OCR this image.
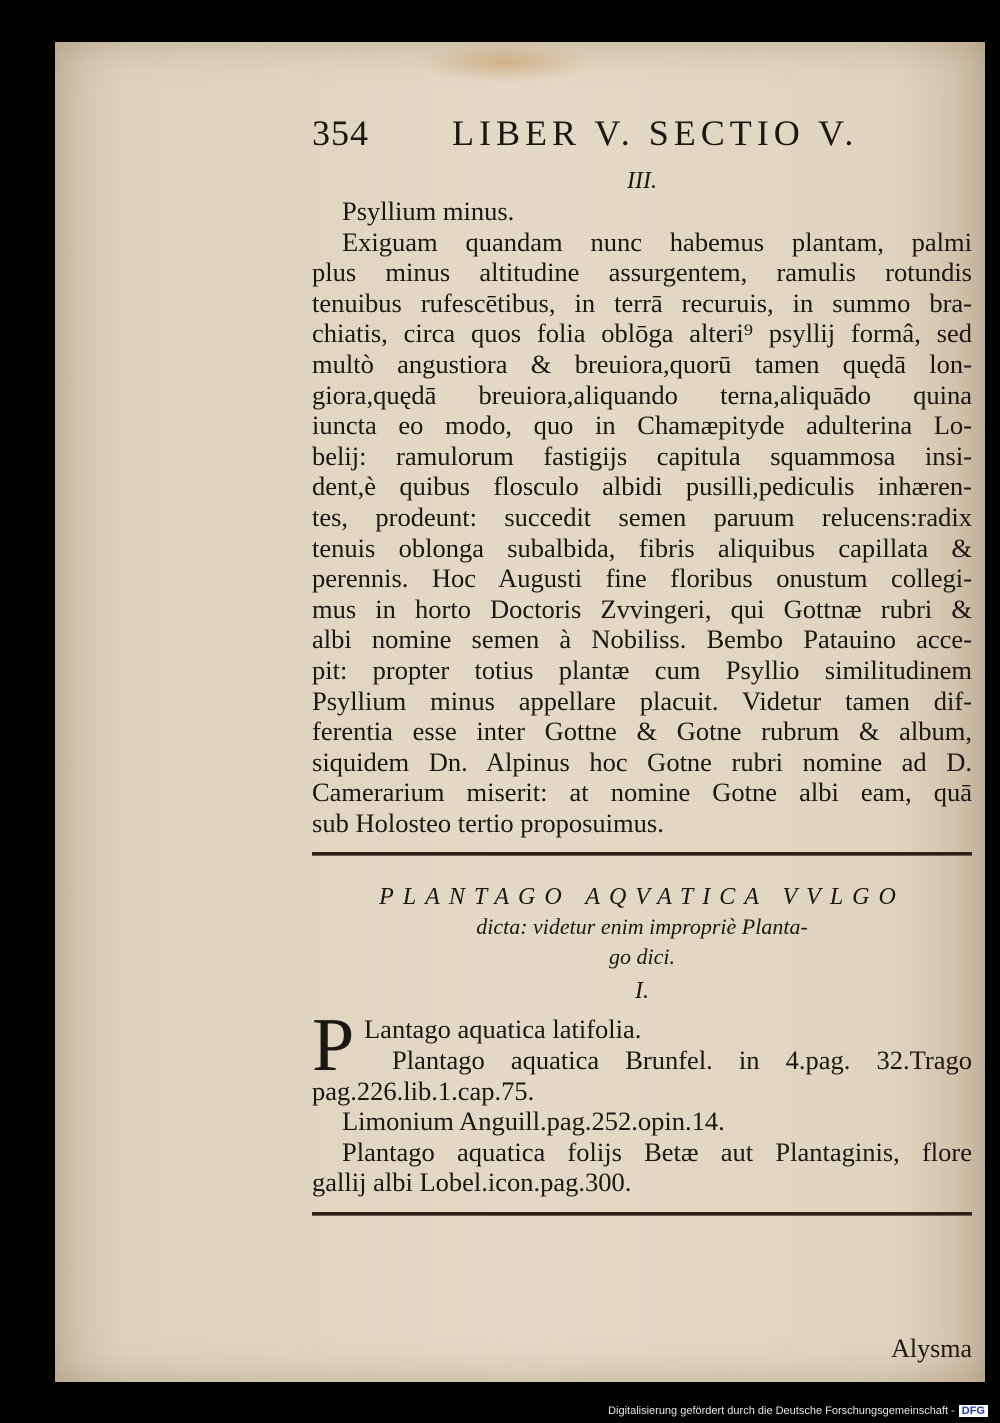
354 LIBER V. SECTIO V.
III.
Psyllium minus.
Exiguam quandam nunc habemus plantam, palmi
plus minus altitudine assurgentem, ramulis rotundis
tenuibus rufescētibus, in terrā recuruis, in summo bra-
chiatis, circa quos folia oblōga alteri⁹ psyllij formâ, sed
multò angustiora & breuiora,quorū tamen quędā lon-
giora,quędā breuiora,aliquando terna,aliquādo quina
iuncta eo modo, quo in Chamæpityde adulterina Lo-
belij: ramulorum fastigijs capitula squammosa insi-
dent,è quibus flosculo albidi pusilli,pediculis inhæren-
tes, prodeunt: succedit semen paruum relucens:radix
tenuis oblonga subalbida, fibris aliquibus capillata &
perennis. Hoc Augusti fine floribus onustum collegi-
mus in horto Doctoris Zvvingeri, qui Gottnæ rubri &
albi nomine semen à Nobiliss. Bembo Patauino acce-
pit: propter totius plantæ cum Psyllio similitudinem
Psyllium minus appellare placuit. Videtur tamen dif-
ferentia esse inter Gottne & Gotne rubrum & album,
siquidem Dn. Alpinus hoc Gotne rubri nomine ad D.
Camerarium miserit: at nomine Gotne albi eam, quā
sub Holosteo tertio proposuimus.
PLANTAGO AQVATICA VVLGO
dicta: videtur enim impropriè Planta-
go dici.
I.
P Lantago aquatica latifolia.
Plantago aquatica Brunfel. in 4.pag. 32.Trago
pag.226.lib.1.cap.75.
Limonium Anguill.pag.252.opin.14.
Plantago aquatica folijs Betæ aut Plantaginis, flore
gallij albi Lobel.icon.pag.300.
Alysma
Digitalisierung gefördert durch die Deutsche Forschungsgemeinschaft - DFG
